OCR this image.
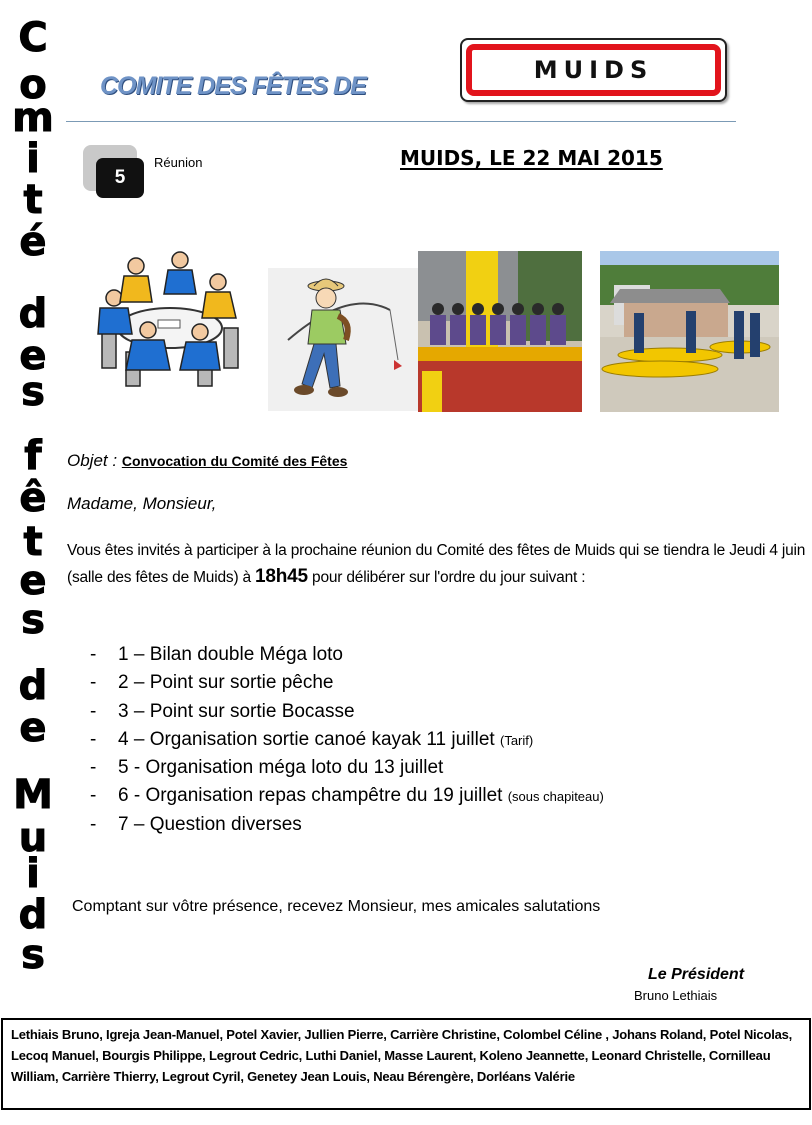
C
o
m
i
t
é
d
e
s
f
ê
t
e
s
d
e
M
u
i
d
s
COMITE DES FÊTES DE
MUIDS
5
Réunion	MUIDS, LE 22 MAI 2015
Objet : Convocation du Comité des Fêtes
Madame, Monsieur,
Vous êtes invités à participer à la prochaine réunion du Comité des fêtes de Muids qui se tiendra le Jeudi 4 juin (salle des fêtes de Muids) à 18h45 pour délibérer sur l'ordre du jour suivant :
- 1 – Bilan double Méga loto
- 2 – Point sur sortie pêche
- 3 – Point sur sortie Bocasse
- 4 – Organisation sortie canoé kayak 11 juillet (Tarif)
- 5 - Organisation méga loto du 13 juillet
- 6 - Organisation repas champêtre du 19 juillet (sous chapiteau)
- 7 – Question diverses
Comptant sur vôtre présence, recevez Monsieur, mes amicales salutations
Le Président
Bruno Lethiais
Lethiais Bruno, Igreja Jean-Manuel, Potel Xavier, Jullien Pierre, Carrière Christine, Colombel Céline , Johans Roland, Potel Nicolas, Lecoq Manuel, Bourgis Philippe, Legrout Cedric, Luthi Daniel, Masse Laurent, Koleno Jeannette, Leonard Christelle, Cornilleau William, Carrière Thierry, Legrout Cyril, Genetey Jean Louis, Neau Bérengère, Dorléans Valérie
